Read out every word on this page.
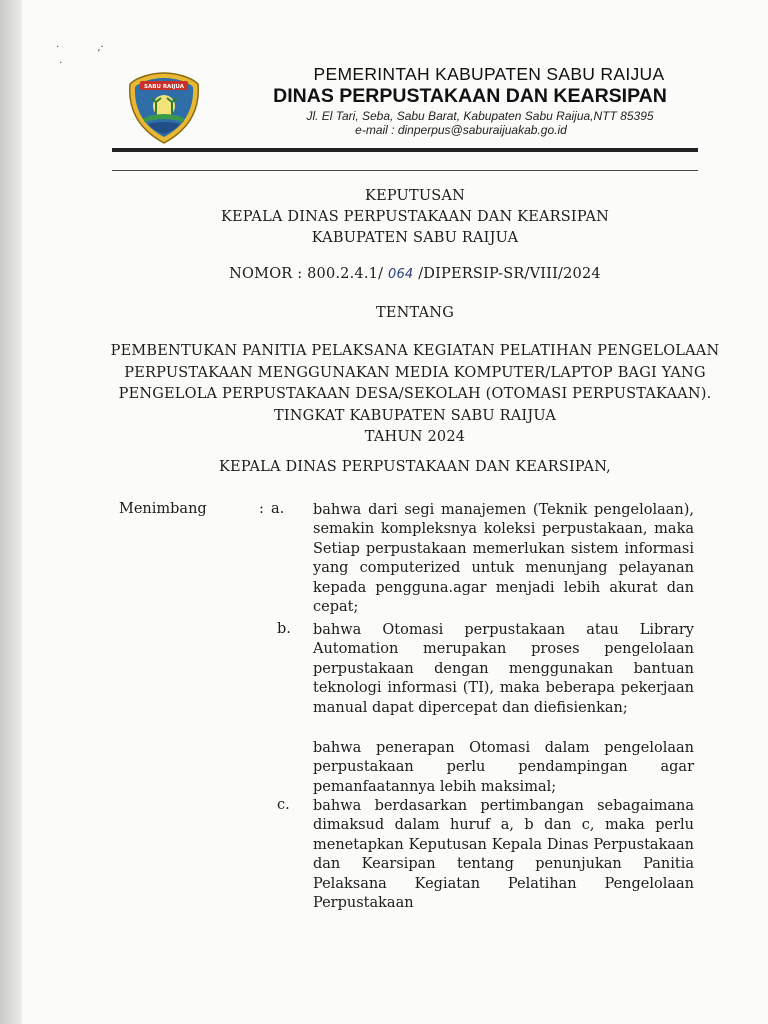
·            ,·

·
SABU RAIJUA
PEMERINTAH KABUPATEN SABU RAIJUA
DINAS PERPUSTAKAAN DAN KEARSIPAN
Jl. El Tari, Seba, Sabu Barat, Kabupaten Sabu Raijua,NTT 85395
e-mail : dinperpus@saburaijuakab.go.id
KEPUTUSAN
KEPALA DINAS PERPUSTAKAAN DAN KEARSIPAN
KABUPATEN SABU RAIJUA
NOMOR : 800.2.4.1/ 064 /DIPERSIP-SR/VIII/2024
TENTANG
PEMBENTUKAN PANITIA PELAKSANA KEGIATAN PELATIHAN PENGELOLAAN
PERPUSTAKAAN MENGGUNAKAN MEDIA KOMPUTER/LAPTOP BAGI YANG
PENGELOLA PERPUSTAKAAN DESA/SEKOLAH (OTOMASI PERPUSTAKAAN).
TINGKAT KABUPATEN SABU RAIJUA
TAHUN 2024
KEPALA DINAS PERPUSTAKAAN DAN KEARSIPAN,
Menimbang	: a. bahwa dari segi manajemen (Teknik pengelolaan), semakin kompleksnya koleksi perpustakaan, maka Setiap perpustakaan memerlukan sistem informasi yang computerized untuk menunjang pelayanan kepada pengguna.agar menjadi lebih akurat dan cepat;
b. bahwa Otomasi perpustakaan atau Library Automation merupakan proses pengelolaan perpustakaan dengan menggunakan bantuan teknologi informasi (TI), maka beberapa pekerjaan manual dapat dipercepat dan diefisienkan;
bahwa penerapan Otomasi dalam pengelolaan perpustakaan perlu pendampingan agar pemanfaatannya lebih maksimal;
c. bahwa berdasarkan pertimbangan sebagaimana dimaksud dalam huruf a, b dan c, maka perlu menetapkan Keputusan Kepala Dinas Perpustakaan dan Kearsipan tentang penunjukan Panitia Pelaksana Kegiatan Pelatihan Pengelolaan Perpustakaan
